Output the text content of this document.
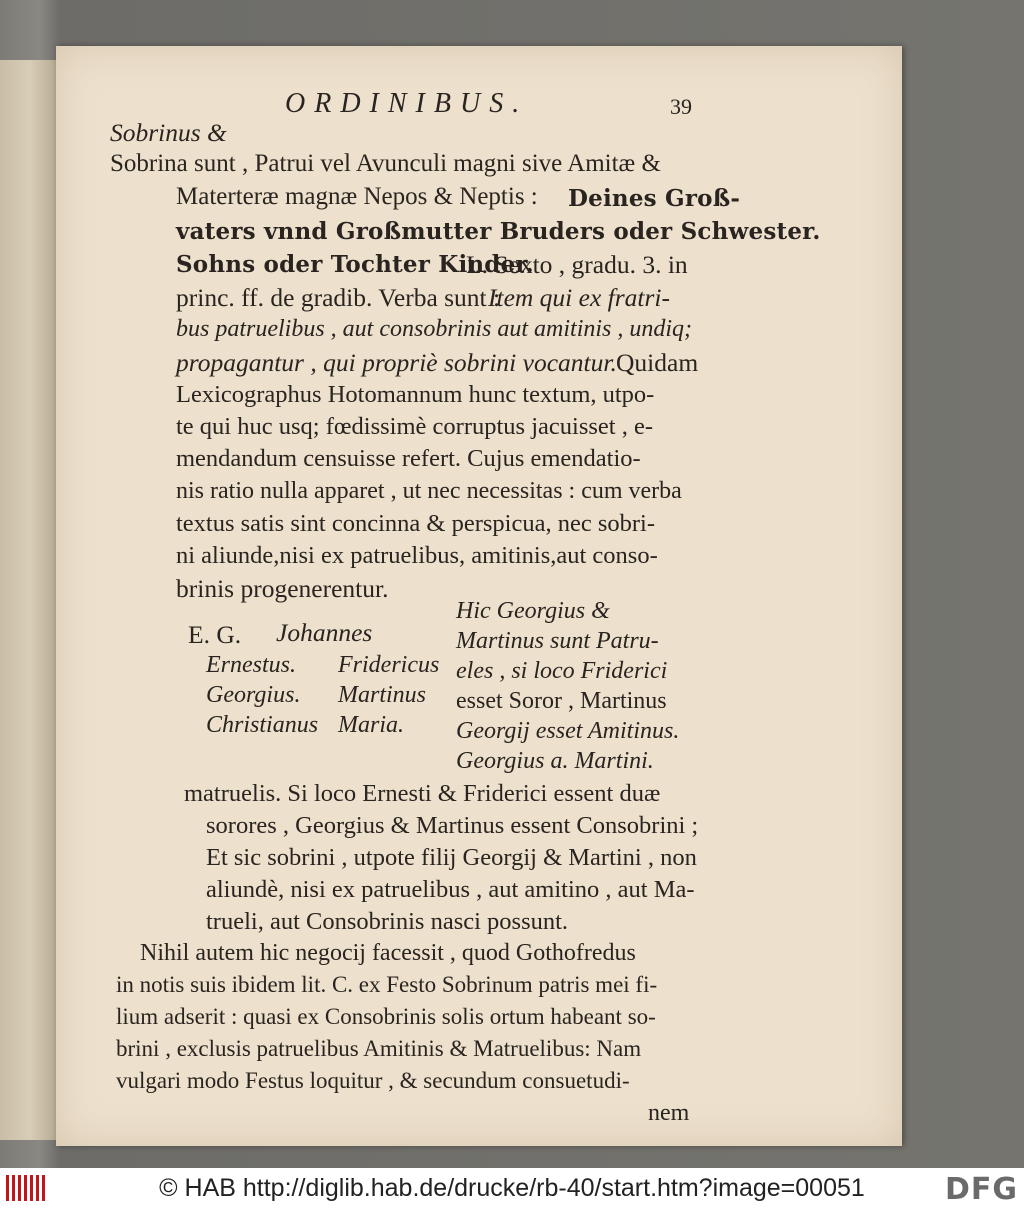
ORDINIBUS.	39
Sobrinus &
Sobrina sunt , Patrui vel Avunculi magni sive Amitæ &
Materteræ magnæ Nepos & Neptis : Deines Groß-
vaters vnnd Großmutter Bruders oder Schwester.
Sohns oder Tochter Kinder.
L. Sexto , gradu. 3. in
princ. ff. de gradib. Verba sunt :
Item qui ex fratri-
bus patruelibus , aut consobrinis aut amitinis , undiq;
propagantur , qui propriè sobrini vocantur. Quidam
Lexicographus Hotomannum hunc textum, utpo-
te qui huc usq; fœdissimè corruptus jacuisset , e-
mendandum censuisse refert. Cujus emendatio-
nis ratio nulla apparet , ut nec necessitas : cum verba
textus satis sint concinna & perspicua, nec sobri-
ni aliunde,nisi ex patruelibus, amitinis,aut conso-
brinis progenerentur.
E. G. Johannes
Ernestus. Fridericus
Georgius. Martinus
Christianus Maria.
Hic Georgius &
Martinus sunt Patru-
eles , si loco Friderici
esset Soror , Martinus
Georgij esset Amitinus.
Georgius a. Martini.
matruelis. Si loco Ernesti & Friderici essent duæ
sorores , Georgius & Martinus essent Consobrini ;
Et sic sobrini , utpote filij Georgij & Martini , non
aliundè, nisi ex patruelibus , aut amitino , aut Ma-
trueli, aut Consobrinis nasci possunt.
Nihil autem hic negocij facessit , quod Gothofredus
in notis suis ibidem lit. C. ex Festo Sobrinum patris mei fi-
lium adserit : quasi ex Consobrinis solis ortum habeant so-
brini , exclusis patruelibus Amitinis & Matruelibus: Nam
vulgari modo Festus loquitur , & secundum consuetudi-
nem
© HAB http://diglib.hab.de/drucke/rb-40/start.htm?image=00051	DFG
